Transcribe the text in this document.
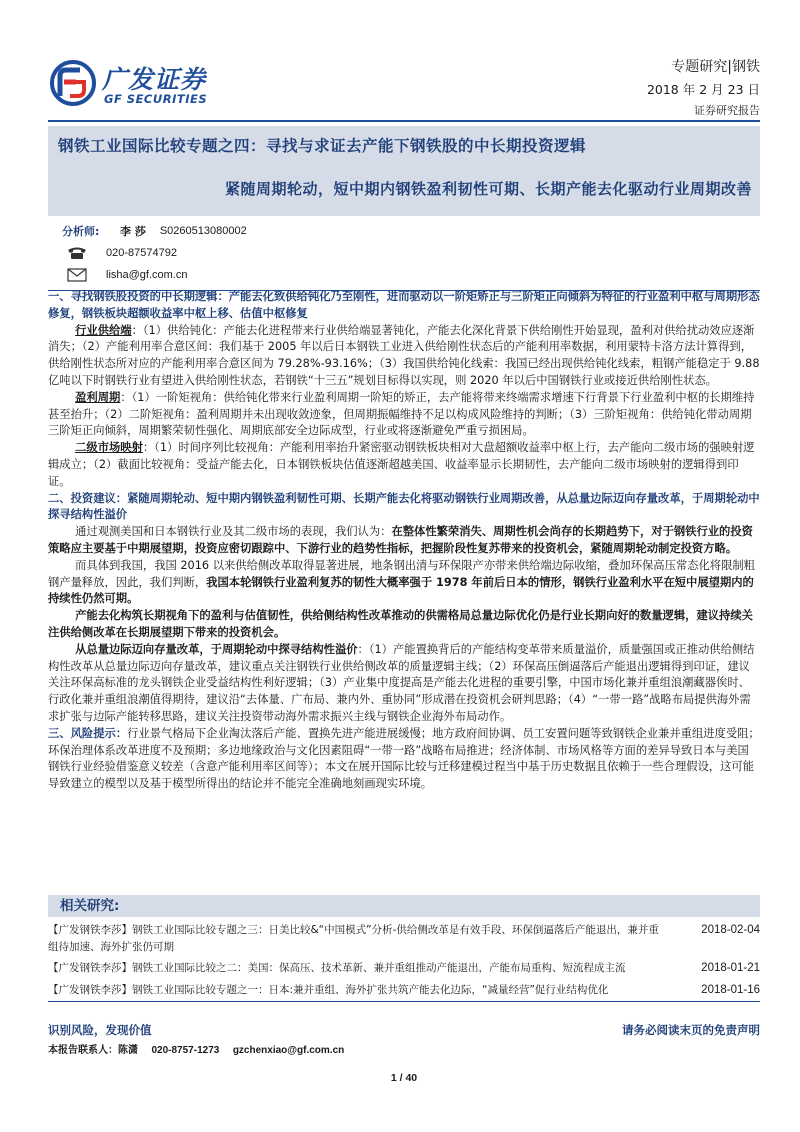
广发证券
GF SECURITIES
专题研究|钢铁
2018 年 2 月 23 日
证券研究报告
钢铁工业国际比较专题之四：寻找与求证去产能下钢铁股的中长期投资逻辑
紧随周期轮动，短中期内钢铁盈利韧性可期、长期产能去化驱动行业周期改善
分析师:	李 莎 S0260513080002
020-87574792
lisha@gf.com.cn
一、寻找钢铁股投资的中长期逻辑：产能去化致供给钝化乃至刚性，进而驱动以一阶矩矫正与三阶矩正向倾斜为特征的行业盈利中枢与周期形态修复，钢铁板块超额收益率中枢上移、估值中枢修复
行业供给端：（1）供给钝化：产能去化进程带来行业供给端显著钝化，产能去化深化背景下供给刚性开始显现，盈利对供给扰动效应逐渐消失；（2）产能利用率合意区间：我们基于 2005 年以后日本钢铁工业进入供给刚性状态后的产能利用率数据，利用蒙特卡洛方法计算得到，供给刚性状态所对应的产能利用率合意区间为 79.28%-93.16%；（3）我国供给钝化线索：我国已经出现供给钝化线索，粗钢产能稳定于 9.88 亿吨以下时钢铁行业有望进入供给刚性状态，若钢铁“十三五”规划目标得以实现，则 2020 年以后中国钢铁行业或接近供给刚性状态。
盈利周期：（1）一阶矩视角：供给钝化带来行业盈利周期一阶矩的矫正，去产能将带来终端需求增速下行背景下行业盈利中枢的长期维持甚至抬升；（2）二阶矩视角：盈利周期并未出现收敛迹象，但周期振幅维持不足以构成风险维持的判断；（3）三阶矩视角：供给钝化带动周期三阶矩正向倾斜，周期繁荣韧性强化、周期底部安全边际成型，行业或将逐渐避免严重亏损困局。
二级市场映射：（1）时间序列比较视角：产能利用率抬升紧密驱动钢铁板块相对大盘超额收益率中枢上行，去产能向二级市场的强映射逻辑成立；（2）截面比较视角：受益产能去化，日本钢铁板块估值逐渐超越美国、收益率显示长期韧性，去产能向二级市场映射的逻辑得到印证。
二、投资建议：紧随周期轮动、短中期内钢铁盈利韧性可期、长期产能去化将驱动钢铁行业周期改善，从总量边际迈向存量改革，于周期轮动中探寻结构性溢价
通过观测美国和日本钢铁行业及其二级市场的表现，我们认为：在整体性繁荣消失、周期性机会尚存的长期趋势下，对于钢铁行业的投资策略应主要基于中期展望期，投资应密切跟踪中、下游行业的趋势性指标，把握阶段性复苏带来的投资机会，紧随周期轮动制定投资方略。
而具体到我国，我国 2016 以来供给侧改革取得显著进展，地条钢出清与环保限产亦带来供给端边际收缩，叠加环保高压常态化将限制粗钢产量释放，因此，我们判断，我国本轮钢铁行业盈利复苏的韧性大概率强于 1978 年前后日本的情形，钢铁行业盈利水平在短中展望期内的持续性仍然可期。
产能去化构筑长期视角下的盈利与估值韧性，供给侧结构性改革推动的供需格局总量边际优化仍是行业长期向好的数量逻辑，建议持续关注供给侧改革在长期展望期下带来的投资机会。
从总量边际迈向存量改革，于周期轮动中探寻结构性溢价：（1）产能置换背后的产能结构变革带来质量溢价，质量强国或正推动供给侧结构性改革从总量边际迈向存量改革，建议重点关注钢铁行业供给侧改革的质量逻辑主线；（2）环保高压倒逼落后产能退出逻辑得到印证，建议关注环保高标准的龙头钢铁企业受益结构性利好逻辑；（3）产业集中度提高是产能去化进程的重要引擎，中国市场化兼并重组浪潮藏器俟时、行政化兼并重组浪潮值得期待，建议沿“去体量、广布局、兼内外、重协同”形成潜在投资机会研判思路；（4）“一带一路”战略布局提供海外需求扩张与边际产能转移思路，建议关注投资带动海外需求振兴主线与钢铁企业海外布局动作。
三、风险提示：行业景气格局下企业淘汰落后产能、置换先进产能进展缓慢；地方政府间协调、员工安置问题等致钢铁企业兼并重组进度受阻；环保治理体系改革进度不及预期；多边地缘政治与文化因素阻碍“一带一路”战略布局推进；经济体制、市场风格等方面的差异导致日本与美国钢铁行业经验借鉴意义较差（含意产能利用率区间等）；本文在展开国际比较与迁移建模过程当中基于历史数据且依赖于一些合理假设，这可能导致建立的模型以及基于模型所得出的结论并不能完全准确地刻画现实环境。
相关研究:
【广发钢铁李莎】钢铁工业国际比较专题之三：日美比较&“中国模式”分析-供给侧改革是有效手段、环保倒逼落后产能退出，兼并重组待加速、海外扩张仍可期
2018-02-04
【广发钢铁李莎】钢铁工业国际比较之二：美国：保高压、技术革新、兼并重组推动产能退出，产能布局重构、短流程成主流	2018-01-21
【广发钢铁李莎】钢铁工业国际比较专题之一：日本:兼并重组、海外扩张共筑产能去化边际，“减量经营”促行业结构优化	2018-01-16
识别风险，发现价值	请务必阅读末页的免责声明
本报告联系人：陈潇 020-8757-1273 gzchenxiao@gf.com.cn
1 / 40
